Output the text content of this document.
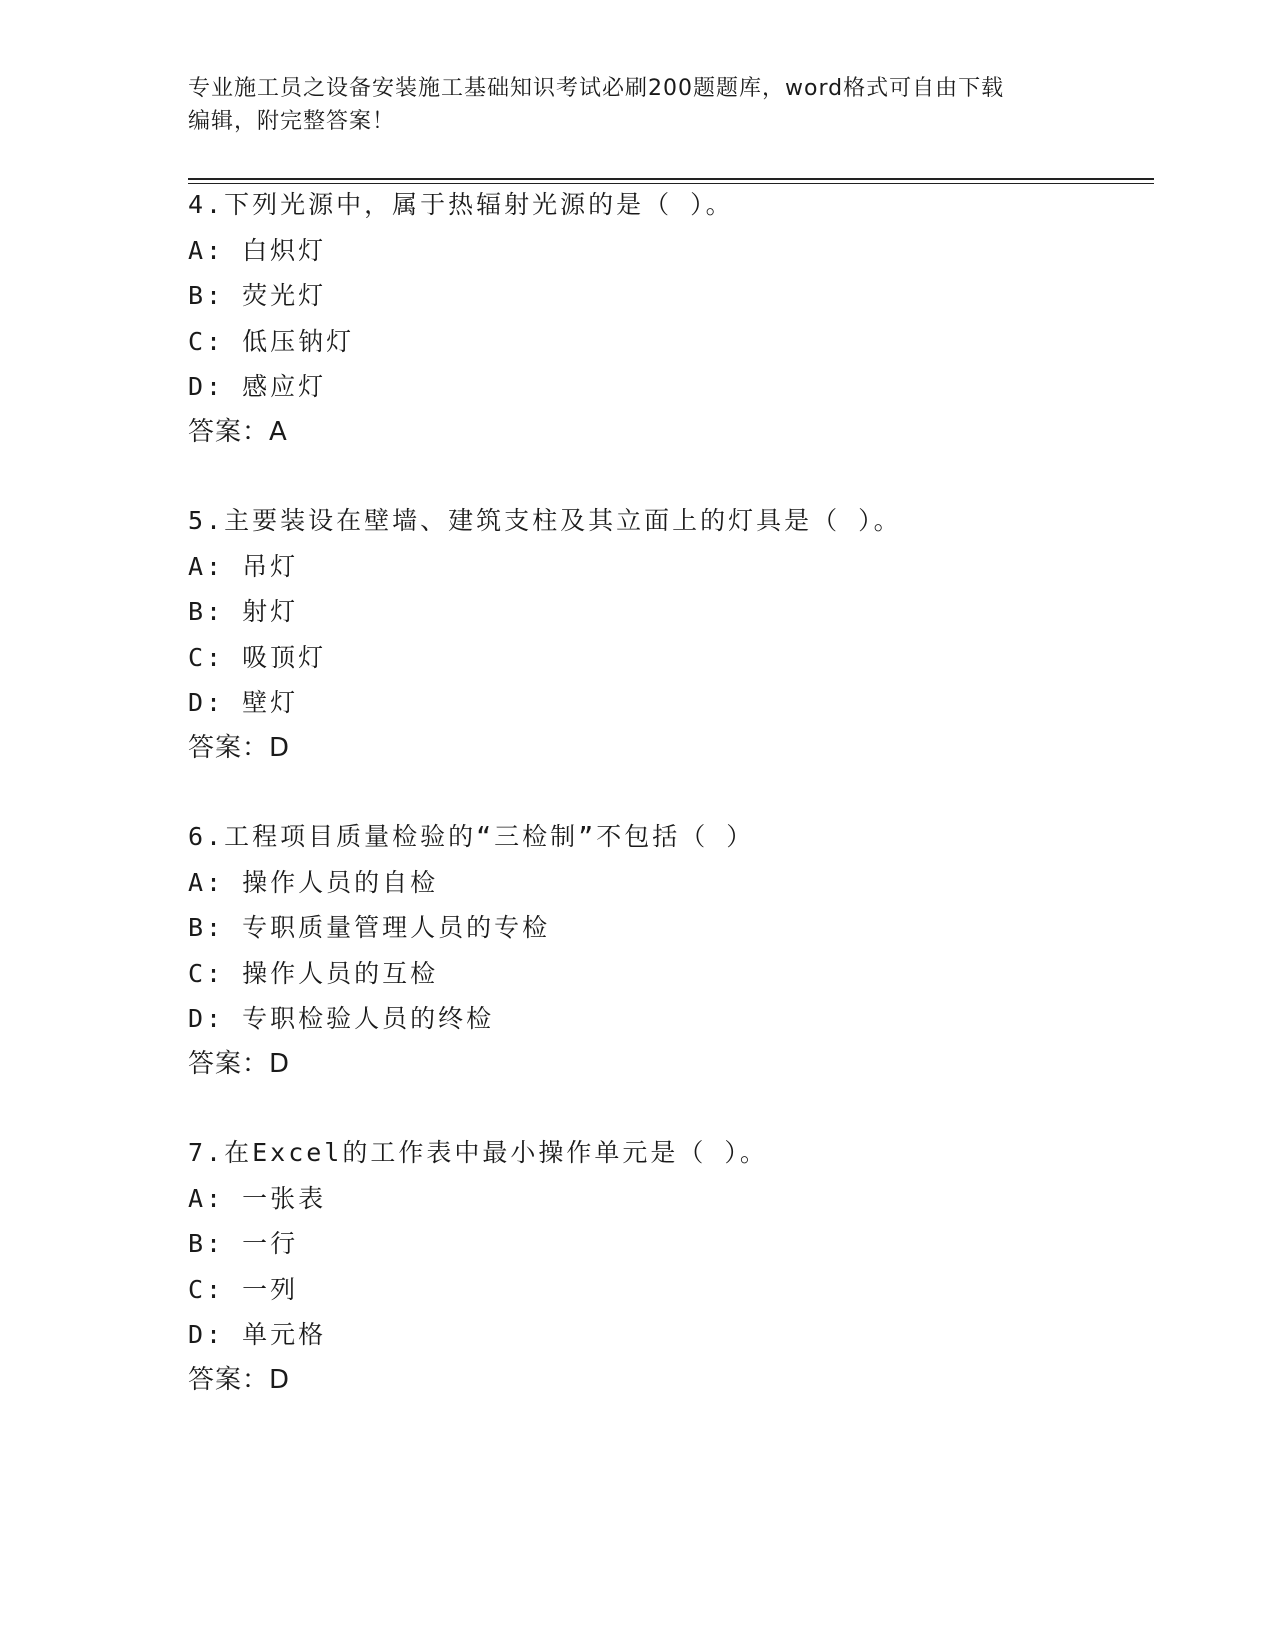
专业施工员之设备安装施工基础知识考试必刷200题题库，word格式可自由下载
编辑，附完整答案！
4.下列光源中，属于热辐射光源的是（ ）。
A: 白炽灯
B: 荧光灯
C: 低压钠灯
D: 感应灯
答案：A
5.主要装设在壁墙、建筑支柱及其立面上的灯具是（ ）。
A: 吊灯
B: 射灯
C: 吸顶灯
D: 壁灯
答案：D
6.工程项目质量检验的“三检制”不包括（ ）
A: 操作人员的自检
B: 专职质量管理人员的专检
C: 操作人员的互检
D: 专职检验人员的终检
答案：D
7.在Excel的工作表中最小操作单元是（ ）。
A: 一张表
B: 一行
C: 一列
D: 单元格
答案：D
